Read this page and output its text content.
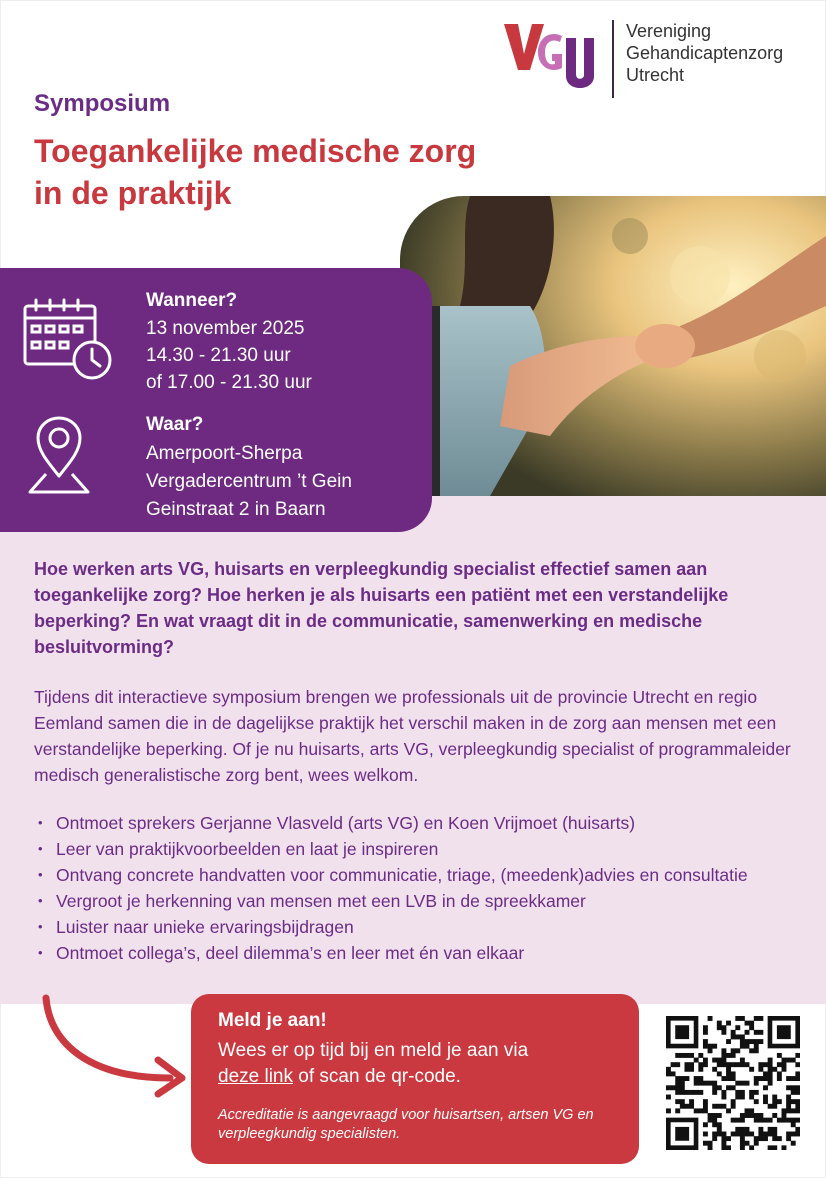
Vereniging
Gehandicaptenzorg
Utrecht
Symposium
Toegankelijke medische zorg
in de praktijk
Wanneer?
13 november 2025
14.30 - 21.30 uur
of 17.00 - 21.30 uur
Waar?
Amerpoort-Sherpa
Vergadercentrum ’t Gein
Geinstraat 2 in Baarn
Hoe werken arts VG, huisarts en verpleegkundig specialist effectief samen aan toegankelijke zorg? Hoe herken je als huisarts een patiënt met een verstandelijke beperking? En wat vraagt dit in de communicatie, samenwerking en medische besluitvorming?
Tijdens dit interactieve symposium brengen we professionals uit de provincie Utrecht en regio Eemland samen die in de dagelijkse praktijk het verschil maken in de zorg aan mensen met een verstandelijke beperking. Of je nu huisarts, arts VG, verpleegkundig specialist of programmaleider medisch generalistische zorg bent, wees welkom.
• Ontmoet sprekers Gerjanne Vlasveld (arts VG) en Koen Vrijmoet (huisarts)
• Leer van praktijkvoorbeelden en laat je inspireren
• Ontvang concrete handvatten voor communicatie, triage, (meedenk)advies en consultatie
• Vergroot je herkenning van mensen met een LVB in de spreekkamer
• Luister naar unieke ervaringsbijdragen
• Ontmoet collega’s, deel dilemma’s en leer met én van elkaar
Meld je aan!
Wees er op tijd bij en meld je aan via
deze link of scan de qr-code.
Accreditatie is aangevraagd voor huisartsen, artsen VG en verpleegkundig specialisten.
